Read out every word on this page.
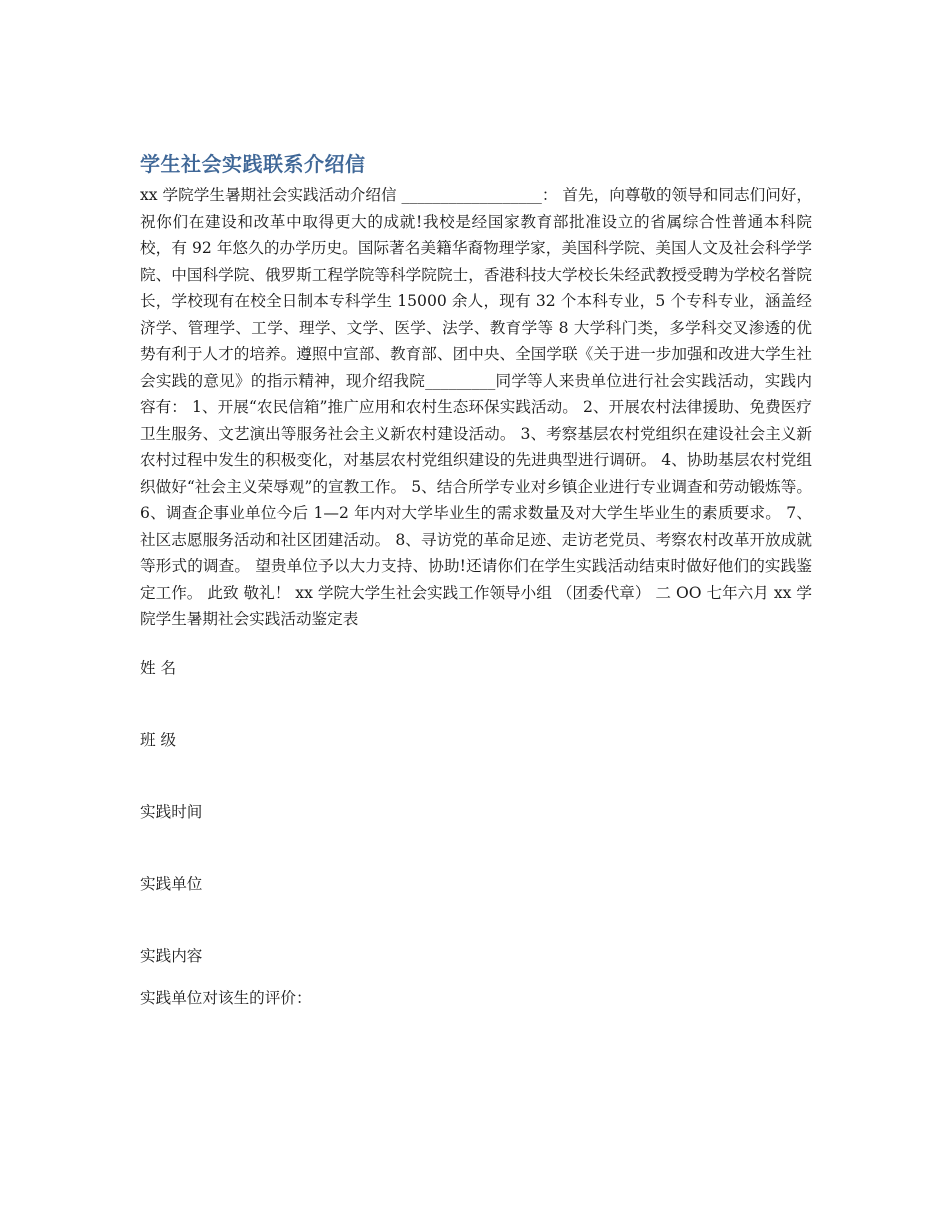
学生社会实践联系介绍信

xx 学院学生暑期社会实践活动介绍信 __________________： 首先，向尊敬的领导和同志们问好，祝你们在建设和改革中取得更大的成就!我校是经国家教育部批准设立的省属综合性普通本科院校，有 92 年悠久的办学历史。国际著名美籍华裔物理学家，美国科学院、美国人文及社会科学学院、中国科学院、俄罗斯工程学院等科学院院士，香港科技大学校长朱经武教授受聘为学校名誉院长，学校现有在校全日制本专科学生 15000 余人，现有 32 个本科专业，5 个专科专业，涵盖经济学、管理学、工学、理学、文学、医学、法学、教育学等 8 大学科门类，多学科交叉渗透的优势有利于人才的培养。遵照中宣部、教育部、团中央、全国学联《关于进一步加强和改进大学生社会实践的意见》的指示精神，现介绍我院_________同学等人来贵单位进行社会实践活动，实践内容有： 1、开展“农民信箱”推广应用和农村生态环保实践活动。 2、开展农村法律援助、免费医疗卫生服务、文艺演出等服务社会主义新农村建设活动。 3、考察基层农村党组织在建设社会主义新农村过程中发生的积极变化，对基层农村党组织建设的先进典型进行调研。 4、协助基层农村党组织做好“社会主义荣辱观”的宣教工作。 5、结合所学专业对乡镇企业进行专业调查和劳动锻炼等。 6、调查企事业单位今后 1—2 年内对大学毕业生的需求数量及对大学生毕业生的素质要求。 7、社区志愿服务活动和社区团建活动。 8、寻访党的革命足迹、走访老党员、考察农村改革开放成就等形式的调查。 望贵单位予以大力支持、协助!还请你们在学生实践活动结束时做好他们的实践鉴定工作。 此致 敬礼！ xx 学院大学生社会实践工作领导小组 （团委代章） 二 OO 七年六月 xx 学院学生暑期社会实践活动鉴定表

姓 名
班 级
实践时间
实践单位
实践内容
实践单位对该生的评价：
